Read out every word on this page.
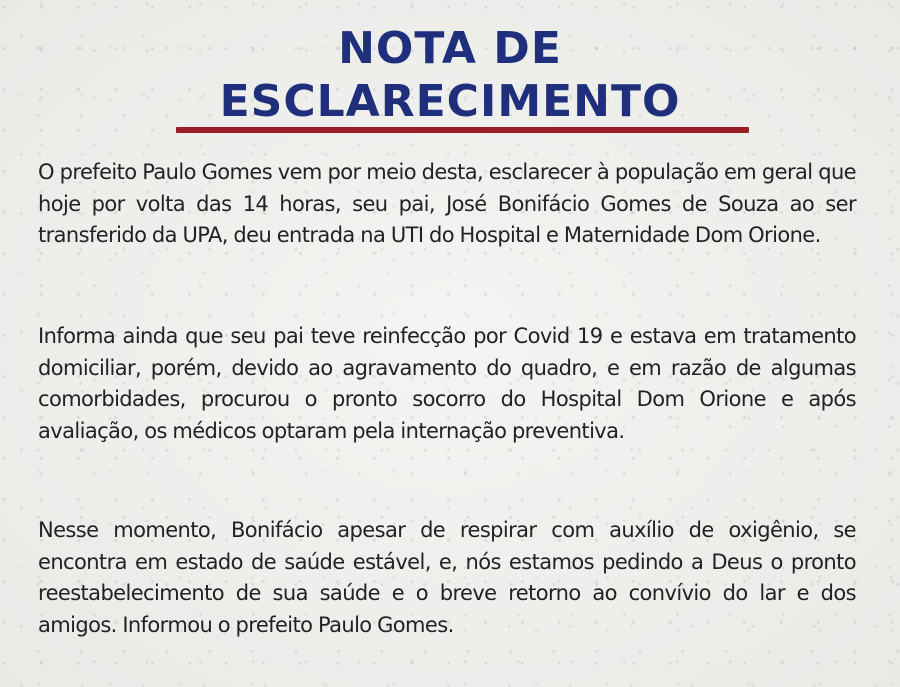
NOTA DE
ESCLARECIMENTO

O prefeito Paulo Gomes vem por meio desta, esclarecer à população em geral que hoje por volta das 14 horas, seu pai, José Bonifácio Gomes de Souza ao ser transferido da UPA, deu entrada na UTI do Hospital e Maternidade Dom Orione.

Informa ainda que seu pai teve reinfecção por Covid 19 e estava em tratamento domiciliar, porém, devido ao agravamento do quadro, e em razão de algumas comorbidades, procurou o pronto socorro do Hospital Dom Orione e após avaliação, os médicos optaram pela internação preventiva.

Nesse momento, Bonifácio apesar de respirar com auxílio de oxigênio, se encontra em estado de saúde estável, e, nós estamos pedindo a Deus o pronto reestabelecimento de sua saúde e o breve retorno ao convívio do lar e dos amigos. Informou o prefeito Paulo Gomes.
